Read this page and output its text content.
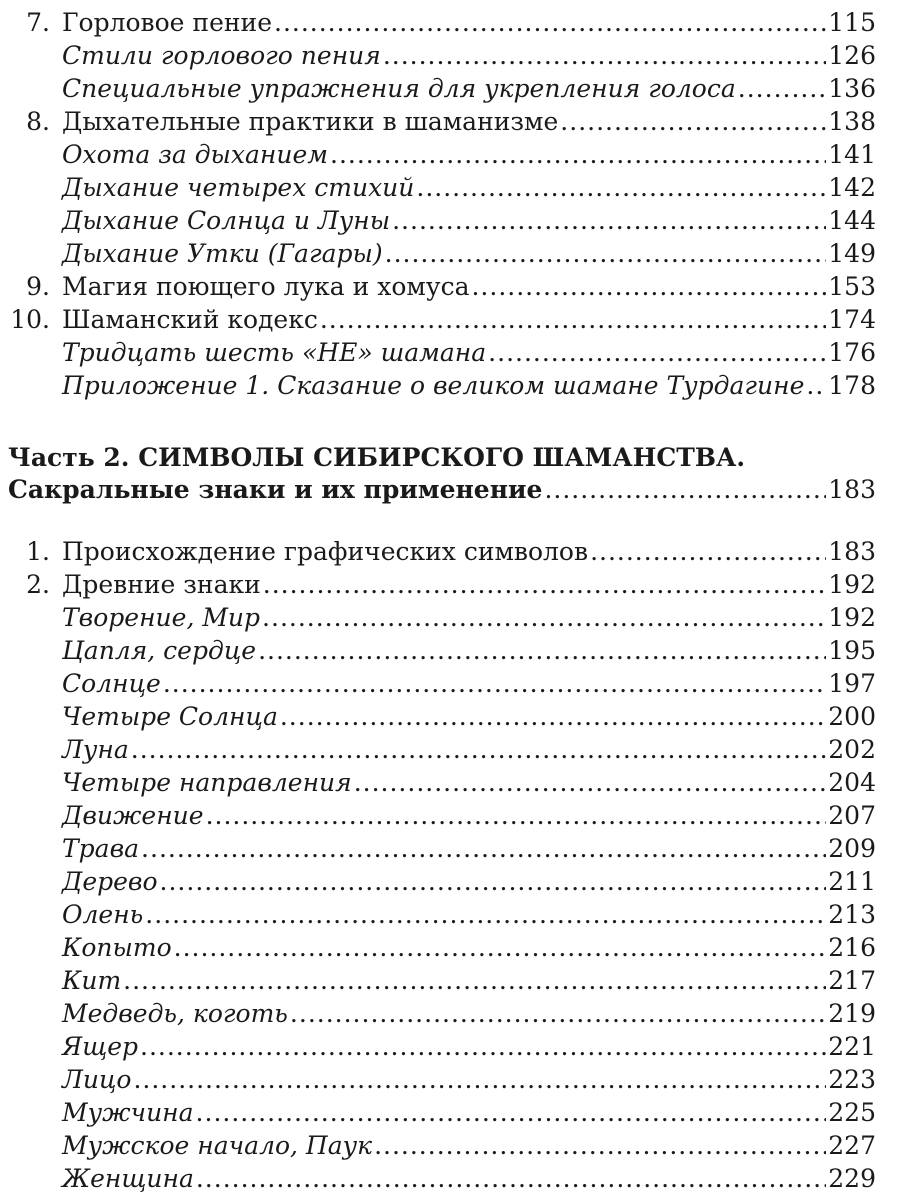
7. Горловое пение .....	115
Стили горлового пения .....	126
Специальные упражнения для укрепления голоса .....	136
8. Дыхательные практики в шаманизме .....	138
Охота за дыханием .....	141
Дыхание четырех стихий .....	142
Дыхание Солнца и Луны .....	144
Дыхание Утки (Гагары) .....	149
9. Магия поющего лука и хомуса .....	153
10. Шаманский кодекс .....	174
Тридцать шесть «НЕ» шамана .....	176
Приложение 1. Сказание о великом шамане Турдагине ..... 178
Часть 2. СИМВОЛЫ СИБИРСКОГО ШАМАНСТВА.
Сакральные знаки и их применение .....	183
1. Происхождение графических символов .....	183
2. Древние знаки .....	192
Творение, Мир .....	192
Цапля, сердце .....	195
Солнце .....	197
Четыре Солнца .....	200
Луна .....	202
Четыре направления .....	204
Движение .....	207
Трава .....	209
Дерево .....	211
Олень .....	213
Копыто .....	216
Кит .....	217
Медведь, коготь .....	219
Ящер .....	221
Лицо .....	223
Мужчина .....	225
Мужское начало, Паук .....	227
Женщина .....	229
